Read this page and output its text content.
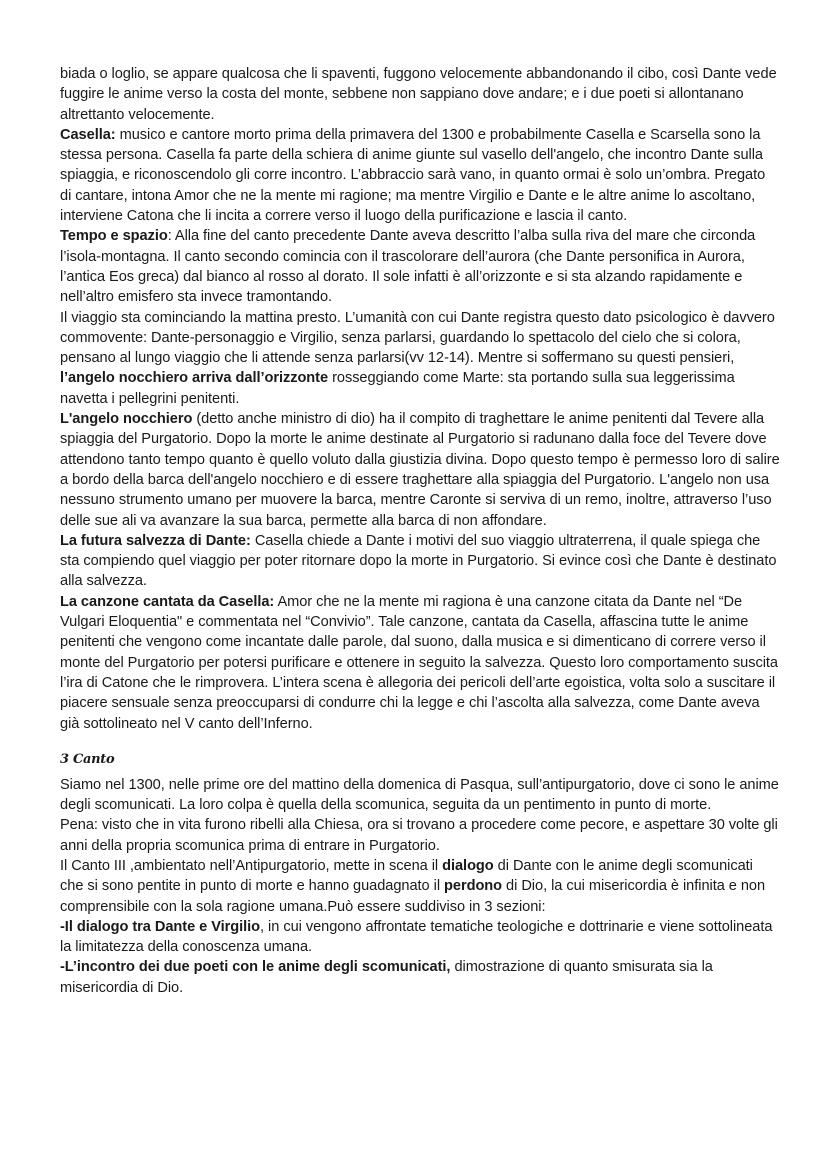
biada o loglio, se appare qualcosa che li spaventi, fuggono velocemente abbandonando il cibo, così Dante vede fuggire le anime verso la costa del monte, sebbene non sappiano dove andare; e i due poeti si allontanano altrettanto velocemente.

Casella: musico e cantore morto prima della primavera del 1300 e probabilmente Casella e Scarsella sono la stessa persona. Casella fa parte della schiera di anime giunte sul vasello dell'angelo, che incontro Dante sulla spiaggia, e riconoscendolo gli corre incontro. L’abbraccio sarà vano, in quanto ormai è solo un’ombra. Pregato di cantare, intona Amor che ne la mente mi ragione; ma mentre Virgilio e Dante e le altre anime lo ascoltano, interviene Catona che li incita a correre verso il luogo della purificazione e lascia il canto.

Tempo e spazio: Alla fine del canto precedente Dante aveva descritto l’alba sulla riva del mare che circonda l’isola-montagna. Il canto secondo comincia con il trascolorare dell’aurora (che Dante personifica in Aurora, l’antica Eos greca) dal bianco al rosso al dorato. Il sole infatti è all’orizzonte e si sta alzando rapidamente e nell’altro emisfero sta invece tramontando.

Il viaggio sta cominciando la mattina presto. L’umanità con cui Dante registra questo dato psicologico è davvero commovente: Dante-personaggio e Virgilio, senza parlarsi, guardando lo spettacolo del cielo che si colora, pensano al lungo viaggio che li attende senza parlarsi(vv 12-14). Mentre si soffermano su questi pensieri, l’angelo nocchiero arriva dall’orizzonte rosseggiando come Marte: sta portando sulla sua leggerissima navetta i pellegrini penitenti.

L'angelo nocchiero (detto anche ministro di dio) ha il compito di traghettare le anime penitenti dal Tevere alla spiaggia del Purgatorio. Dopo la morte le anime destinate al Purgatorio si radunano dalla foce del Tevere dove attendono tanto tempo quanto è quello voluto dalla giustizia divina. Dopo questo tempo è permesso loro di salire a bordo della barca dell'angelo nocchiero e di essere traghettare alla spiaggia del Purgatorio. L'angelo non usa nessuno strumento umano per muovere la barca, mentre Caronte si serviva di un remo, inoltre, attraverso l’uso delle sue ali va avanzare la sua barca, permette alla barca di non affondare.

La futura salvezza di Dante: Casella chiede a Dante i motivi del suo viaggio ultraterrena, il quale spiega che sta compiendo quel viaggio per poter ritornare dopo la morte in Purgatorio. Si evince così che Dante è destinato alla salvezza.

La canzone cantata da Casella: Amor che ne la mente mi ragiona è una canzone citata da Dante nel “De Vulgari Eloquentia" e commentata nel “Convivio”. Tale canzone, cantata da Casella, affascina tutte le anime penitenti che vengono come incantate dalle parole, dal suono, dalla musica e si dimenticano di correre verso il monte del Purgatorio per potersi purificare e ottenere in seguito la salvezza. Questo loro comportamento suscita l’ira di Catone che le rimprovera. L’intera scena è allegoria dei pericoli dell’arte egoistica, volta solo a suscitare il piacere sensuale senza preoccuparsi di condurre chi la legge e chi l’ascolta alla salvezza, come Dante aveva già sottolineato nel V canto dell’Inferno.

3 Canto

Siamo nel 1300, nelle prime ore del mattino della domenica di Pasqua, sull’antipurgatorio, dove ci sono le anime degli scomunicati. La loro colpa è quella della scomunica, seguita da un pentimento in punto di morte.

Pena: visto che in vita furono ribelli alla Chiesa, ora si trovano a procedere come pecore, e aspettare 30 volte gli anni della propria scomunica prima di entrare in Purgatorio.

Il Canto III ,ambientato nell’Antipurgatorio, mette in scena il dialogo di Dante con le anime degli scomunicati che si sono pentite in punto di morte e hanno guadagnato il perdono di Dio, la cui misericordia è infinita e non comprensibile con la sola ragione umana.Può essere suddiviso in 3 sezioni:

-Il dialogo tra Dante e Virgilio, in cui vengono affrontate tematiche teologiche e dottrinarie e viene sottolineata la limitatezza della conoscenza umana.

-L’incontro dei due poeti con le anime degli scomunicati, dimostrazione di quanto smisurata sia la misericordia di Dio.
